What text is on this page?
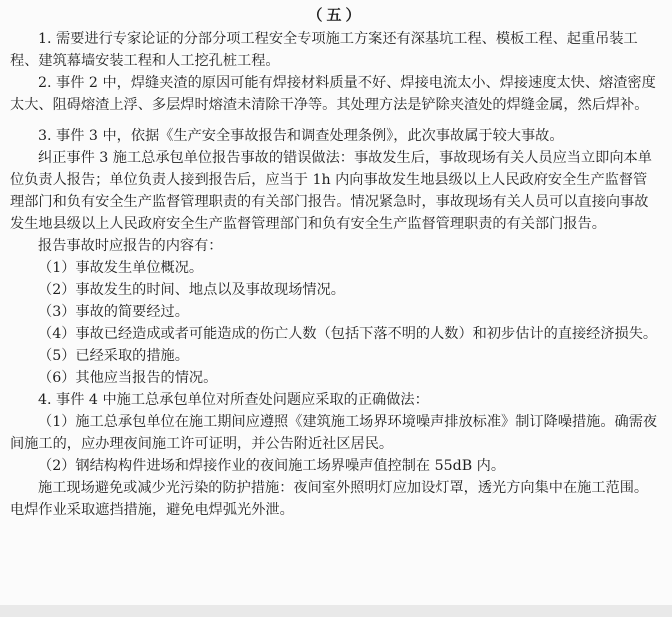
（五）

1. 需要进行专家论证的分部分项工程安全专项施工方案还有深基坑工程、模板工程、起重吊装工程、建筑幕墙安装工程和人工挖孔桩工程。

2. 事件 2 中，焊缝夹渣的原因可能有焊接材料质量不好、焊接电流太小、焊接速度太快、熔渣密度太大、阻碍熔渣上浮、多层焊时熔渣未清除干净等。其处理方法是铲除夹渣处的焊缝金属，然后焊补。

3. 事件 3 中，依据《生产安全事故报告和调查处理条例》，此次事故属于较大事故。

纠正事件 3 施工总承包单位报告事故的错误做法：事故发生后，事故现场有关人员应当立即向本单位负责人报告；单位负责人接到报告后，应当于 1h 内向事故发生地县级以上人民政府安全生产监督管理部门和负有安全生产监督管理职责的有关部门报告。情况紧急时，事故现场有关人员可以直接向事故发生地县级以上人民政府安全生产监督管理部门和负有安全生产监督管理职责的有关部门报告。

报告事故时应报告的内容有：

（1）事故发生单位概况。

（2）事故发生的时间、地点以及事故现场情况。

（3）事故的简要经过。

（4）事故已经造成或者可能造成的伤亡人数（包括下落不明的人数）和初步估计的直接经济损失。

（5）已经采取的措施。

（6）其他应当报告的情况。

4. 事件 4 中施工总承包单位对所查处问题应采取的正确做法：

（1）施工总承包单位在施工期间应遵照《建筑施工场界环境噪声排放标准》制订降噪措施。确需夜间施工的，应办理夜间施工许可证明，并公告附近社区居民。

（2）钢结构构件进场和焊接作业的夜间施工场界噪声值控制在 55dB 内。

施工现场避免或减少光污染的防护措施：夜间室外照明灯应加设灯罩，透光方向集中在施工范围。电焊作业采取遮挡措施，避免电焊弧光外泄。
